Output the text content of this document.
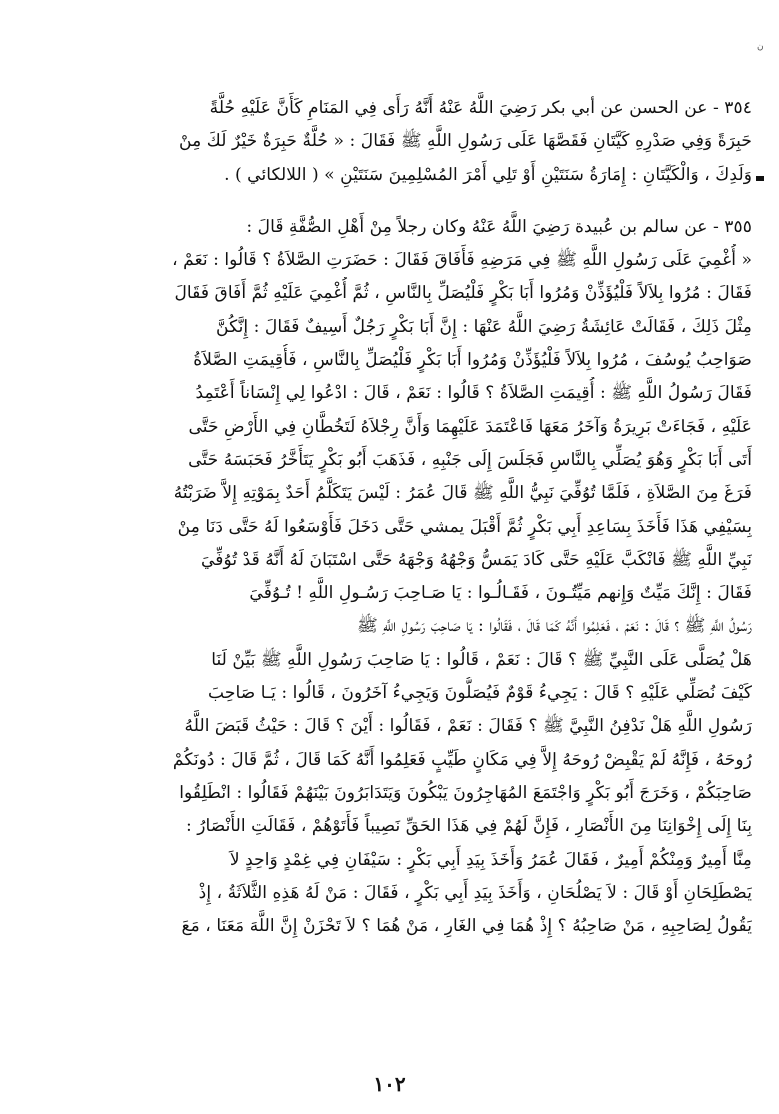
ن
٣٥٤ - عن الحسن عن أبي بكر رَضِيَ اللَّهُ عَنْهُ أَنَّهُ رَأَى فِي المَنَامِ كَأَنَّ عَلَيْهِ حُلَّةً
حَبِرَةً وَفِي صَدْرِهِ كَيَّتَانِ فَقَصَّهَا عَلَى رَسُولِ اللَّهِ ﷺ فَقَالَ : « حُلَّةٌ حَبِرَةٌ خَيْرٌ لَكَ مِنْ
وَلَدِكَ ، وَالْكَيَّتَانِ : إِمَارَةُ سَنَتَيْنِ أَوْ تَلِي أَمْرَ المُسْلِمِينَ سَنَتَيْنِ » ( اللالكائي ) .
٣٥٥ - عن سالم بن عُبيدة رَضِيَ اللَّهُ عَنْهُ وكان رجلاً مِنْ أَهْلِ الصُّفَّةِ قَالَ :
« أُغْمِيَ عَلَى رَسُولِ اللَّهِ ﷺ فِي مَرَضِهِ فَأَفَاقَ فَقَالَ : حَضَرَتِ الصَّلاَةُ ؟ قَالُوا : نَعَمْ ،
فَقَالَ : مُرُوا بِلاَلاً فَلْيُؤَذِّنْ وَمُرُوا أَبَا بَكْرٍ فَلْيُصَلِّ بِالنَّاسِ ، ثُمَّ أُغْمِيَ عَلَيْهِ ثُمَّ أَفَاقَ فَقَالَ
مِثْلَ ذَلِكَ ، فَقَالَتْ عَائِشَةُ رَضِيَ اللَّهُ عَنْهَا : إِنَّ أَبَا بَكْرٍ رَجُلٌ أَسِيفٌ فَقَالَ : إِنَّكُنَّ
صَوَاحِبُ يُوسُفَ ، مُرُوا بِلاَلاً فَلْيُؤَذِّنْ وَمُرُوا أَبَا بَكْرٍ فَلْيُصَلِّ بِالنَّاسِ ، فَأُقِيمَتِ الصَّلاَةُ
فَقَالَ رَسُولُ اللَّهِ ﷺ : أُقِيمَتِ الصَّلاَةُ ؟ قَالُوا : نَعَمْ ، قَالَ : ادْعُوا لِي إِنْسَاناً أَعْتَمِدُ
عَلَيْهِ ، فَجَاءَتْ بَرِيرَةُ وَآخَرُ مَعَهَا فَاعْتَمَدَ عَلَيْهِمَا وَأَنَّ رِجْلاَهُ لَتَخُطَّانِ فِي الأَرْضِ حَتَّى
أَتَى أَبَا بَكْرٍ وَهُوَ يُصَلِّي بِالنَّاسِ فَجَلَسَ إِلَى جَنْبِهِ ، فَذَهَبَ أَبُو بَكْرٍ يَتَأَخَّرُ فَحَبَسَهُ حَتَّى
فَرَغَ مِنَ الصَّلاَةِ ، فَلَمَّا تُوُفِّيَ نَبِيُّ اللَّهِ ﷺ قَالَ عُمَرُ : لَيْسَ يَتَكَلَّمُ أَحَدٌ بِمَوْتِهِ إِلاَّ ضَرَبْتُهُ
بِسَيْفِي هَذَا فَأَخَذَ بِسَاعِدِ أَبِي بَكْرٍ ثُمَّ أَقْبَلَ يمشي حَتَّى دَخَلَ فَأَوْسَعُوا لَهُ حَتَّى دَنَا مِنْ
نَبِيِّ اللَّهِ ﷺ فَانْكَبَّ عَلَيْهِ حَتَّى كَادَ يَمَسُّ وَجْهُهُ وَجْهَهُ حَتَّى اسْتَبَانَ لَهُ أَنَّهُ قَدْ تُوُفِّيَ
فَقَالَ : إِنَّكَ مَيِّتٌ وَإِنهم مَيِّتُـونَ ، فَقَـالُـوا : يَا صَـاحِبَ رَسُـولِ اللَّهِ ! تُـوُفِّيَ
رَسُولُ اللَّهِ ﷺ ؟ قَالَ : نَعَمْ ، فَعَلِمُوا أَنَّهُ كَمَا قَالَ ، فَقَالُوا : يَا صَاحِبَ رَسُولِ اللَّهِ ﷺ
هَلْ يُصَلَّى عَلَى النَّبِيِّ ﷺ ؟ قَالَ : نَعَمْ ، قَالُوا : يَا صَاحِبَ رَسُولِ اللَّهِ ﷺ بَيِّنْ لَنَا
كَيْفَ نُصَلِّي عَلَيْهِ ؟ قَالَ : يَجِيءُ قَوْمٌ فَيُصَلُّونَ وَيَجِيءُ آخَرُونَ ، قَالُوا : يَـا صَاحِبَ
رَسُولِ اللَّهِ هَلْ نَدْفِنُ النَّبِيَّ ﷺ ؟ فَقَالَ : نَعَمْ ، فَقَالُوا : أَيْنَ ؟ قَالَ : حَيْثُ قَبَضَ اللَّهُ
رُوحَهُ ، فَإِنَّهُ لَمْ يَقْبِضْ رُوحَهُ إِلاَّ فِي مَكَانٍ طَيِّبٍ فَعَلِمُوا أَنَّهُ كَمَا قَالَ ، ثُمَّ قَالَ : دُونَكُمْ
صَاحِبَكُمْ ، وَخَرَجَ أَبُو بَكْرٍ وَاجْتَمَعَ المُهَاجِرُونَ يَبْكُونَ وَيَتَدَابَرُونَ بَيْنَهُمْ فَقَالُوا : انْطَلِقُوا
بِنَا إِلَى إِخْوَانِنَا مِنَ الأَنْصَارِ ، فَإِنَّ لَهُمْ فِي هَذَا الحَقِّ نَصِيباً فَأَتَوْهُمْ ، فَقَالَتِ الأَنْصَارُ :
مِنَّا أَمِيرٌ وَمِنْكُمْ أَمِيرٌ ، فَقَالَ عُمَرُ وَأَخَذَ بِيَدِ أَبِي بَكْرٍ : سَيْفَانِ فِي غِمْدٍ وَاحِدٍ لاَ
يَصْطَلِحَانِ أَوْ قَالَ : لاَ يَصْلُحَانِ ، وَأَخَذَ بِيَدِ أَبِي بَكْرٍ ، فَقَالَ : مَنْ لَهُ هَذِهِ الثَّلاَثَةُ ، إِذْ
يَقُولُ لِصَاحِبِهِ ، مَنْ صَاحِبُهُ ؟ إِذْ هُمَا فِي الغَارِ ، مَنْ هُمَا ؟ لاَ تَحْزَنْ إِنَّ اللَّهَ مَعَنَا ، مَعَ
١٠٢
